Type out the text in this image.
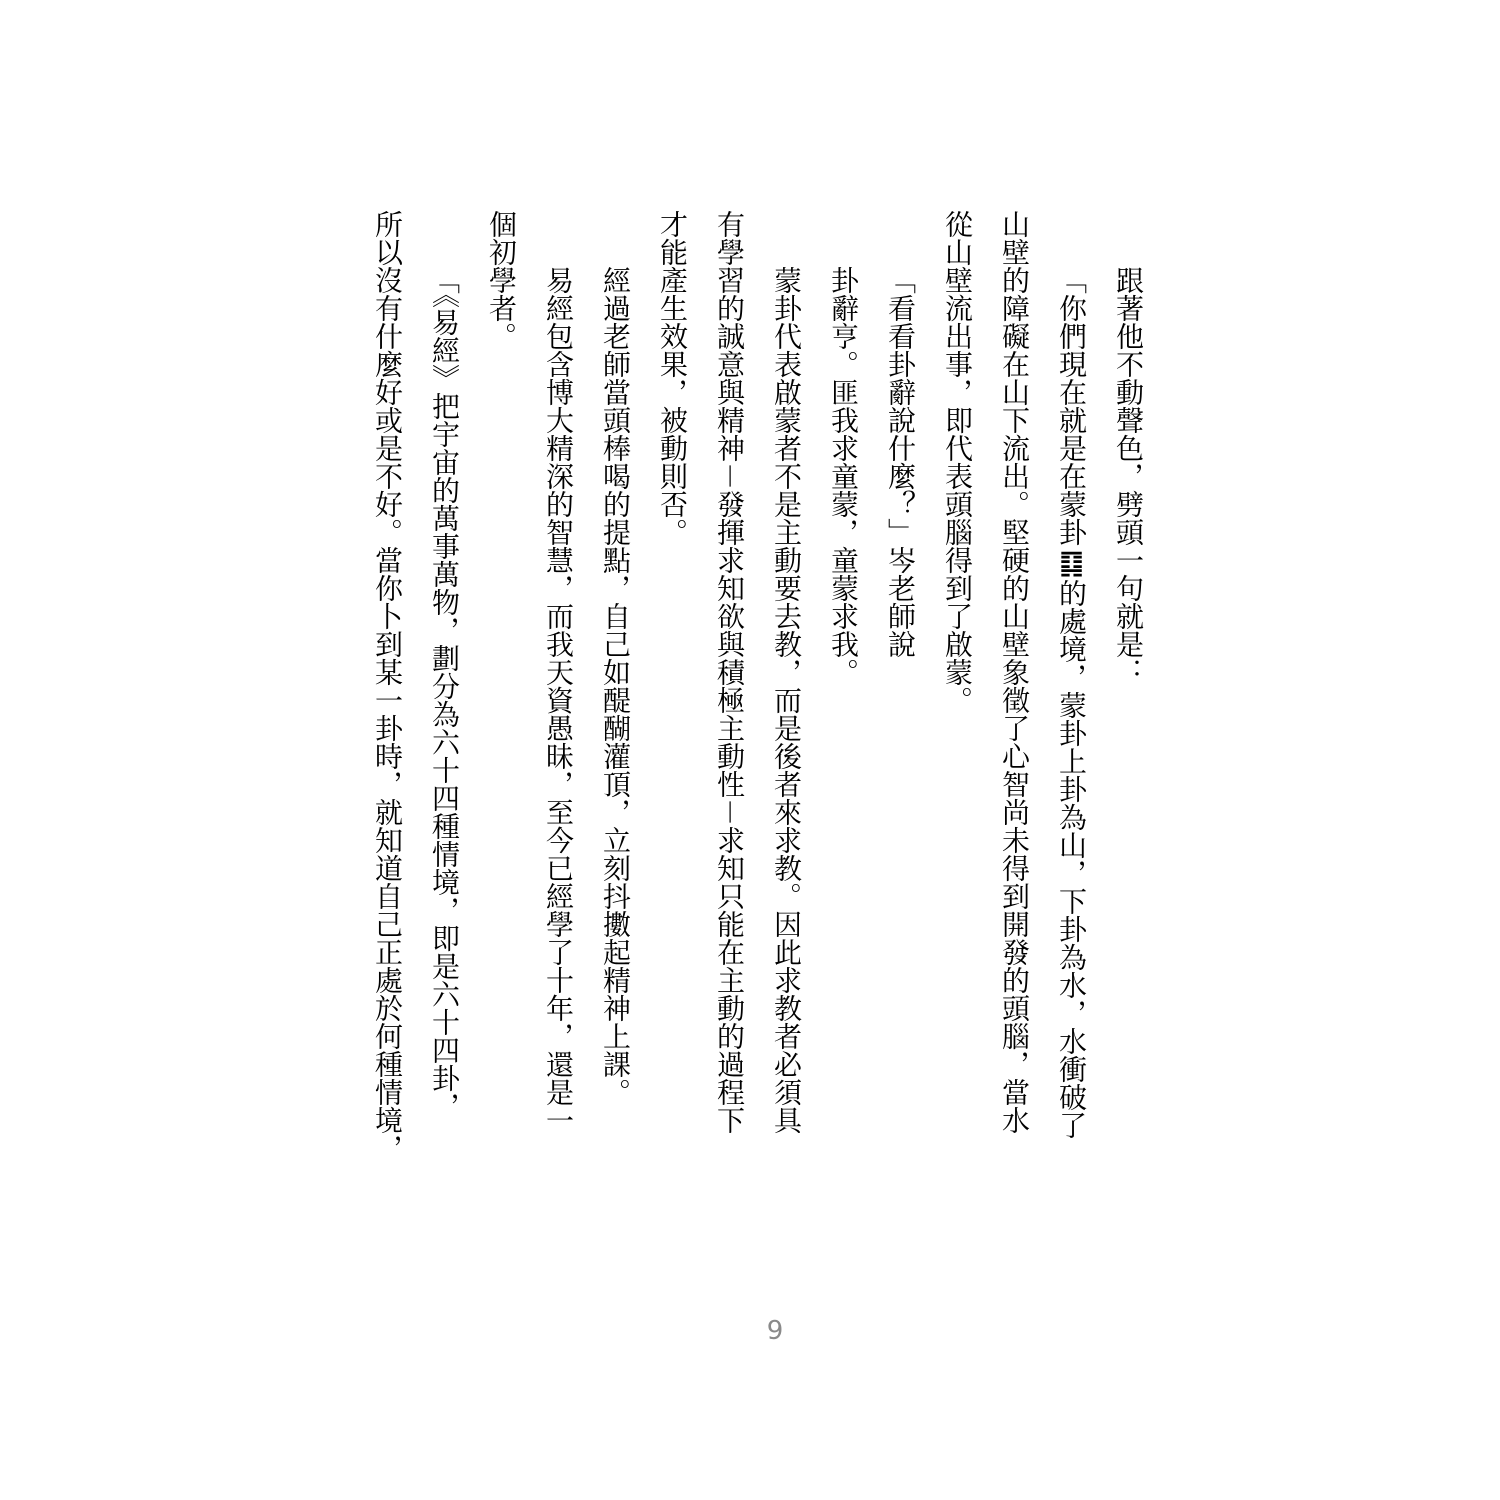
跟著他不動聲色，劈頭一句就是：

「你們現在就是在蒙卦䷃的處境，蒙卦上卦為山，下卦為水，水衝破了

山壁的障礙在山下流出。堅硬的山壁象徵了心智尚未得到開發的頭腦，當水

從山壁流出事，即代表頭腦得到了啟蒙。

「看看卦辭說什麼？」岑老師說

卦辭亨。匪我求童蒙，童蒙求我。

蒙卦代表啟蒙者不是主動要去教，而是後者來求教。因此求教者必須具

有學習的誠意與精神－發揮求知欲與積極主動性－求知只能在主動的過程下

才能產生效果，被動則否。

經過老師當頭棒喝的提點，自己如醍醐灌頂，立刻抖擻起精神上課。

易經包含博大精深的智慧，而我天資愚昧，至今已經學了十年，還是一

個初學者。

「《易經》把宇宙的萬事萬物，劃分為六十四種情境，即是六十四卦，

所以沒有什麼好或是不好。當你卜到某一卦時，就知道自己正處於何種情境，

9
